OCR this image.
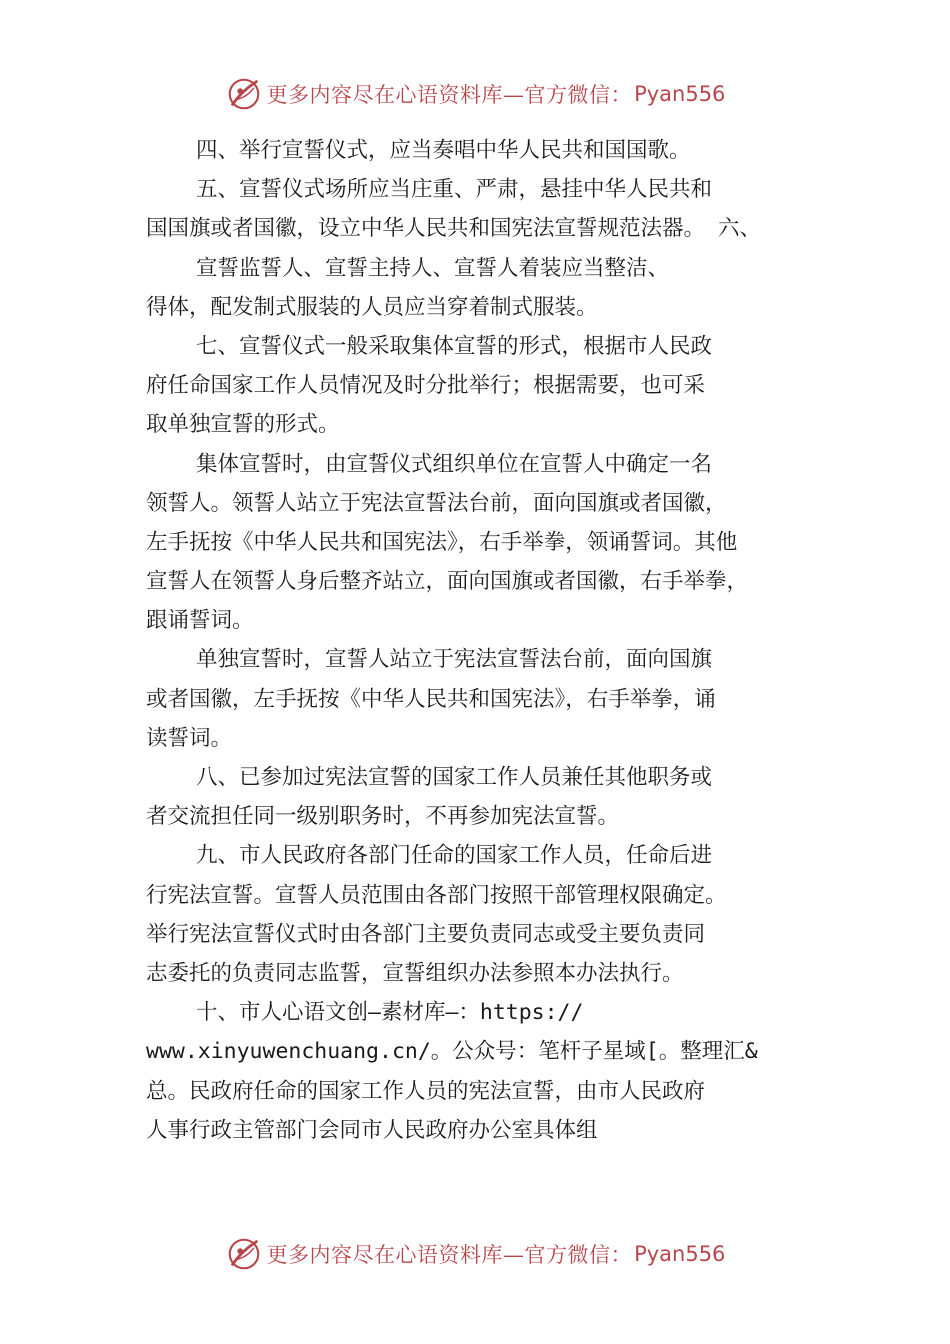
更多内容尽在心语资料库—官方微信： Pyan556
四、举行宣誓仪式，应当奏唱中华人民共和国国歌。
五、宣誓仪式场所应当庄重、严肃，悬挂中华人民共和
国国旗或者国徽，设立中华人民共和国宪法宣誓规范法器。 六、
宣誓监誓人、宣誓主持人、宣誓人着装应当整洁、
得体，配发制式服装的人员应当穿着制式服装。
七、宣誓仪式一般采取集体宣誓的形式，根据市人民政
府任命国家工作人员情况及时分批举行；根据需要，也可采
取单独宣誓的形式。
集体宣誓时，由宣誓仪式组织单位在宣誓人中确定一名
领誓人。领誓人站立于宪法宣誓法台前，面向国旗或者国徽，
左手抚按《中华人民共和国宪法》，右手举拳，领诵誓词。其他
宣誓人在领誓人身后整齐站立，面向国旗或者国徽，右手举拳，
跟诵誓词。
单独宣誓时，宣誓人站立于宪法宣誓法台前，面向国旗
或者国徽，左手抚按《中华人民共和国宪法》，右手举拳，诵
读誓词。
八、已参加过宪法宣誓的国家工作人员兼任其他职务或
者交流担任同一级别职务时，不再参加宪法宣誓。
九、市人民政府各部门任命的国家工作人员，任命后进
行宪法宣誓。宣誓人员范围由各部门按照干部管理权限确定。
举行宪法宣誓仪式时由各部门主要负责同志或受主要负责同
志委托的负责同志监誓，宣誓组织办法参照本办法执行。
十、市人心语文创—素材库—：https://
www.xinyuwenchuang.cn/。公众号：笔杆子星域[。整理汇&
总。民政府任命的国家工作人员的宪法宣誓，由市人民政府
人事行政主管部门会同市人民政府办公室具体组
更多内容尽在心语资料库—官方微信： Pyan556
